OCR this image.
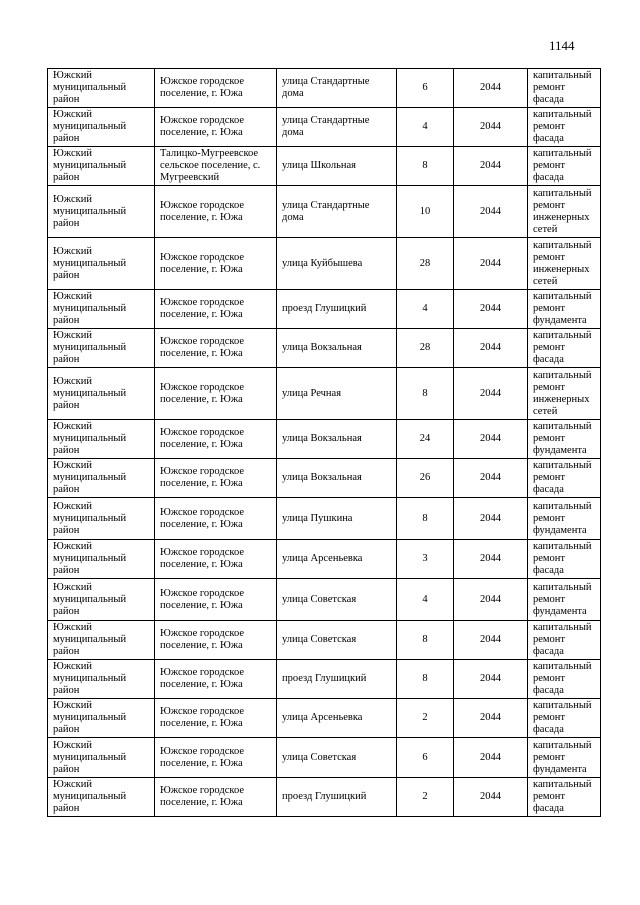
1144
Южский муниципальный район	Южское городское поселение, г. Южа	улица Стандартные дома	6	2044	капитальный ремонт фасада
Южский муниципальный район	Южское городское поселение, г. Южа	улица Стандартные дома	4	2044	капитальный ремонт фасада
Южский муниципальный район	Талицко-Мугреевское сельское поселение, с. Мугреевский	улица Школьная	8	2044	капитальный ремонт фасада
Южский муниципальный район	Южское городское поселение, г. Южа	улица Стандартные дома	10	2044	капитальный ремонт инженерных сетей
Южский муниципальный район	Южское городское поселение, г. Южа	улица Куйбышева	28	2044	капитальный ремонт инженерных сетей
Южский муниципальный район	Южское городское поселение, г. Южа	проезд Глушицкий	4	2044	капитальный ремонт фундамента
Южский муниципальный район	Южское городское поселение, г. Южа	улица Вокзальная	28	2044	капитальный ремонт фасада
Южский муниципальный район	Южское городское поселение, г. Южа	улица Речная	8	2044	капитальный ремонт инженерных сетей
Южский муниципальный район	Южское городское поселение, г. Южа	улица Вокзальная	24	2044	капитальный ремонт фундамента
Южский муниципальный район	Южское городское поселение, г. Южа	улица Вокзальная	26	2044	капитальный ремонт фасада
Южский муниципальный район	Южское городское поселение, г. Южа	улица Пушкина	8	2044	капитальный ремонт фундамента
Южский муниципальный район	Южское городское поселение, г. Южа	улица Арсеньевка	3	2044	капитальный ремонт фасада
Южский муниципальный район	Южское городское поселение, г. Южа	улица Советская	4	2044	капитальный ремонт фундамента
Южский муниципальный район	Южское городское поселение, г. Южа	улица Советская	8	2044	капитальный ремонт фасада
Южский муниципальный район	Южское городское поселение, г. Южа	проезд Глушицкий	8	2044	капитальный ремонт фасада
Южский муниципальный район	Южское городское поселение, г. Южа	улица Арсеньевка	2	2044	капитальный ремонт фасада
Южский муниципальный район	Южское городское поселение, г. Южа	улица Советская	6	2044	капитальный ремонт фундамента
Южский муниципальный район	Южское городское поселение, г. Южа	проезд Глушицкий	2	2044	капитальный ремонт фасада
